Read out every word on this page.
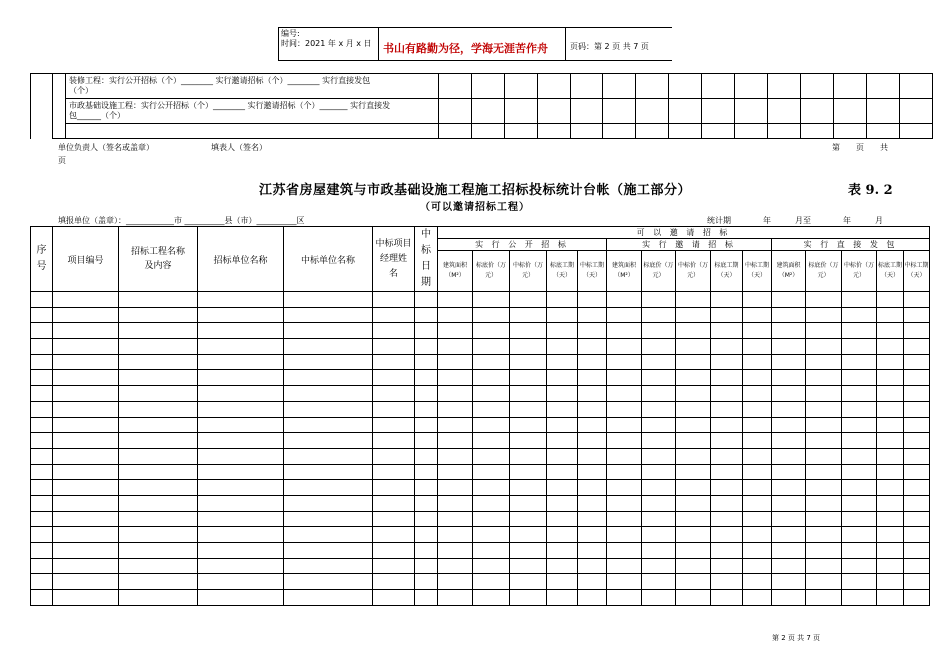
编号:
时间：2021 年 x 月 x 日 书山有路勤为径，学海无涯苦作舟	页码：第 2 页 共 7 页

		装修工程：实行公开招标（个）________ 实行邀请招标（个）________ 实行直接发包
（个）															

		市政基础设施工程：实行公开招标（个）________ 实行邀请招标（个）_______ 实行直接发
包______（个）															

单位负责人（签名或盖章）	填表人（签名）	第　　页　　共
页
江苏省房屋建筑与市政基础设施工程施工招标投标统计台帐（施工部分）	表 9. 2
（可以邀请招标工程）
填报单位（盖章）：____________市 __________县（市）__________区	统计期　　　　年　　　月至　　　　年　　　月
序号	项目编号	招标工程名称及内容	招标单位名称	中标单位名称	中标项目经理姓　名	中标日期	可 以 邀 请 招 标														
							实 行 公 开 招 标					实 行 邀 请 招 标					实 行 直 接 发 包				
							建筑面积（M²）	标底价（万元）	中标价（万元）	标底工期（天）	中标工期（天）	建筑面积（M²）	标底价（万元）	中标价（万元）	标底工期（天）	中标工期（天）	建筑面积（M²）	标底价（万元）	中标价（万元）	标底工期（天）	中标工期（天）

第 2 页 共 7 页
